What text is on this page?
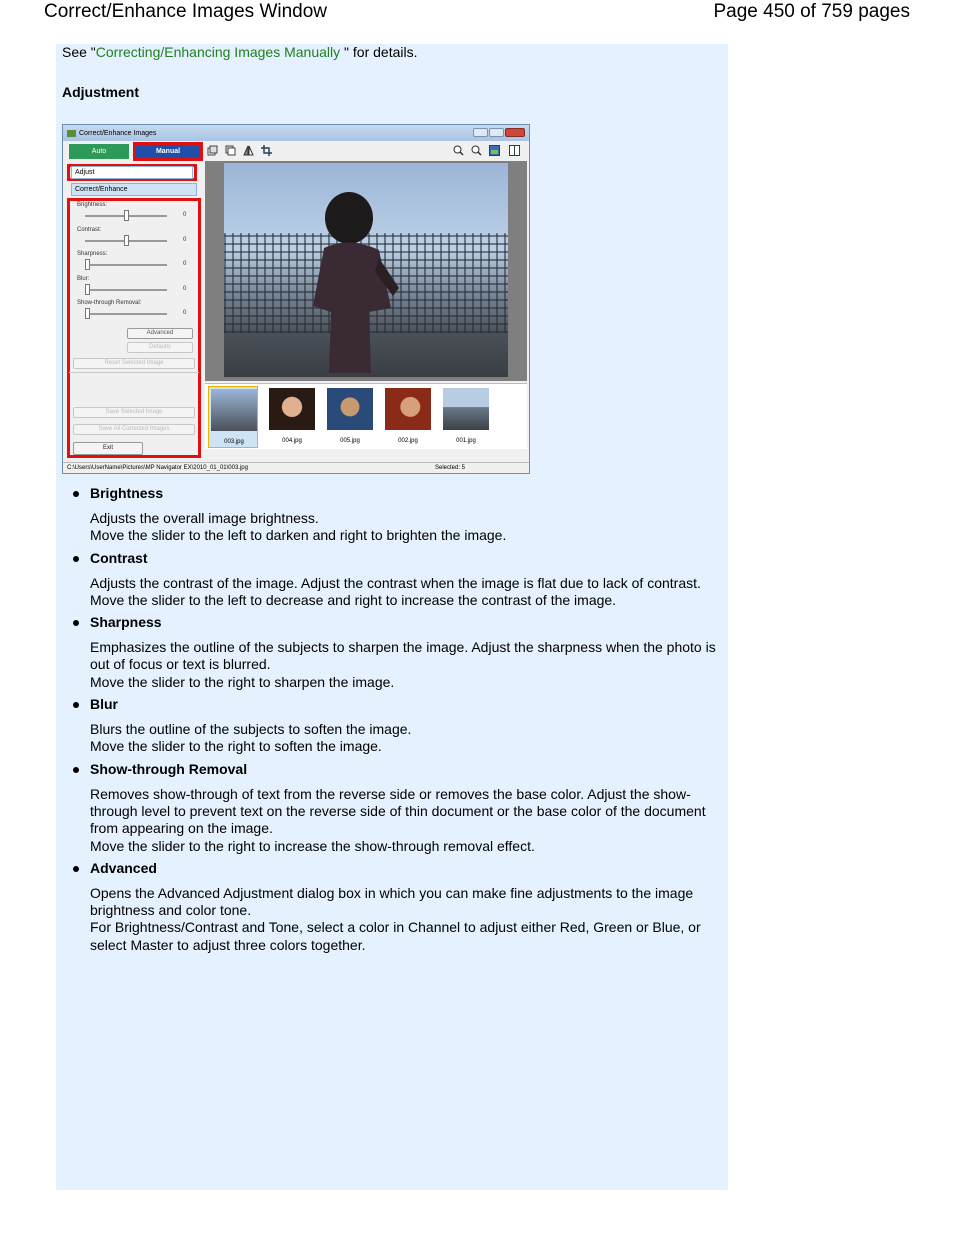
Correct/Enhance Images Window	Page 450 of 759 pages
See "Correcting/Enhancing Images Manually " for details.
Adjustment
Correct/Enhance Images
Auto	Manual
Adjust
Correct/Enhance
Brightness:
0
Contrast:
0
Sharpness:
0
Blur:
0
Show-through Removal:
0
Advanced
Defaults
Reset Selected Image
Save Selected Image
Save All Corrected Images
Exit
003.jpg	004.jpg	005.jpg	002.jpg	001.jpg
C:\Users\UserName\Pictures\MP Navigator EX\2010_01_01\003.jpg	Selected: 5
Brightness

Adjusts the overall image brightness.

Move the slider to the left to darken and right to brighten the image.

Contrast

Adjusts the contrast of the image. Adjust the contrast when the image is flat due to lack of contrast.

Move the slider to the left to decrease and right to increase the contrast of the image.

Sharpness

Emphasizes the outline of the subjects to sharpen the image. Adjust the sharpness when the photo is out of focus or text is blurred.

Move the slider to the right to sharpen the image.

Blur

Blurs the outline of the subjects to soften the image.

Move the slider to the right to soften the image.

Show-through Removal

Removes show-through of text from the reverse side or removes the base color. Adjust the show-through level to prevent text on the reverse side of thin document or the base color of the document from appearing on the image.

Move the slider to the right to increase the show-through removal effect.

Advanced

Opens the Advanced Adjustment dialog box in which you can make fine adjustments to the image brightness and color tone.

For Brightness/Contrast and Tone, select a color in Channel to adjust either Red, Green or Blue, or select Master to adjust three colors together.
